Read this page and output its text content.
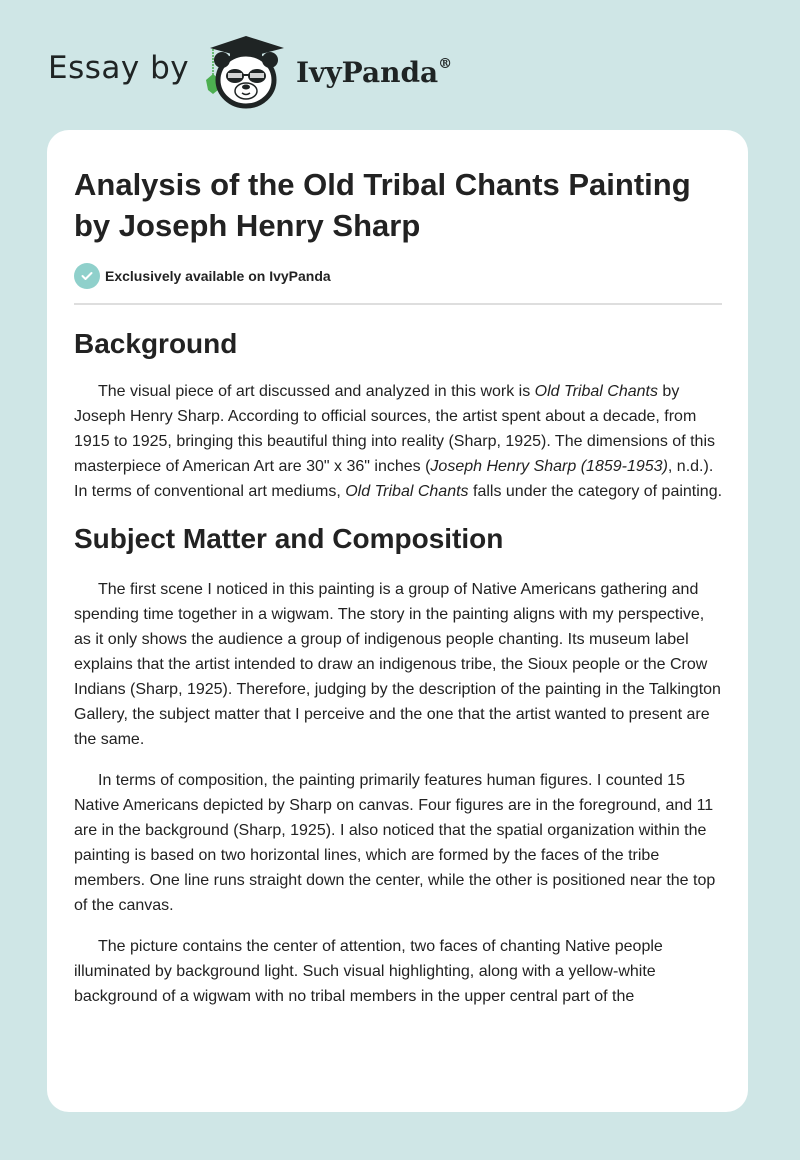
Essay by	IvyPanda®
Analysis of the Old Tribal Chants Painting by Joseph Henry Sharp
Exclusively available on IvyPanda
Background

The visual piece of art discussed and analyzed in this work is Old Tribal Chants by Joseph Henry Sharp. According to official sources, the artist spent about a decade, from 1915 to 1925, bringing this beautiful thing into reality (Sharp, 1925). The dimensions of this masterpiece of American Art are 30" x 36" inches (Joseph Henry Sharp (1859-1953), n.d.). In terms of conventional art mediums, Old Tribal Chants falls under the category of painting.

Subject Matter and Composition

The first scene I noticed in this painting is a group of Native Americans gathering and spending time together in a wigwam. The story in the painting aligns with my perspective, as it only shows the audience a group of indigenous people chanting. Its museum label explains that the artist intended to draw an indigenous tribe, the Sioux people or the Crow Indians (Sharp, 1925). Therefore, judging by the description of the painting in the Talkington Gallery, the subject matter that I perceive and the one that the artist wanted to present are the same.

In terms of composition, the painting primarily features human figures. I counted 15 Native Americans depicted by Sharp on canvas. Four figures are in the foreground, and 11 are in the background (Sharp, 1925). I also noticed that the spatial organization within the painting is based on two horizontal lines, which are formed by the faces of the tribe members. One line runs straight down the center, while the other is positioned near the top of the canvas.

The picture contains the center of attention, two faces of chanting Native people illuminated by background light. Such visual highlighting, along with a yellow-white background of a wigwam with no tribal members in the upper central part of the
